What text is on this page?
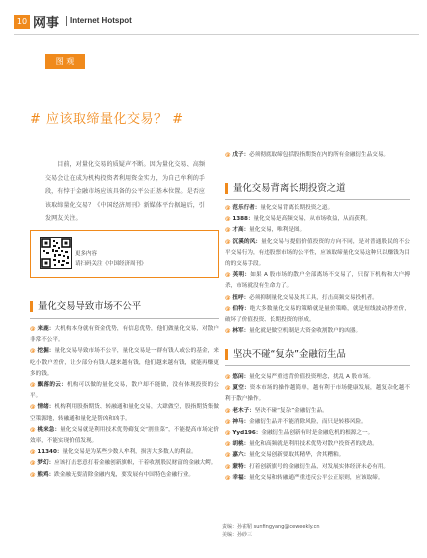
10 网事 Internet Hotspot
图 观
# 应该取缔量化交易？ #

目前，对量化交易的质疑声不断。因为量化交易、高频交易会让在成为机构投资者利用资金实力，为自己牟利的手段，有悖于金融市场应该具备的公平公正基本位置。是否应该取缔量化交易？《中国经济周刊》新媒体平台据遍后，引发网友关注。

更多内容
请扫码关注《中国经济周刊》
量化交易导致市场不公平
@ 来鹿：大机构本身就有资金优势，有信息优势，他们做量化交易，对散户非常不公平。
@ 挖掘：量化交易导致市场不公平，量化交易是一群有钱人或公的基金，来吃小散户差价，让少部分有钱人越来越有钱，他们越来越有钱，就能再赚更多的钱。
@ 飘落的云：机构可以做的量化交易，散户却不能做，没有体现投资的公平。
@ 情绪：机构利用股指期货、转融通和量化交易，大肆做空，股指期货集做空策源地，转融通和量化是帮凶和凶手。
@ 桃来急：量化交易就是利用技术优势薅复交“割韭菜”，不能提高市场定价效率，不能实现价值发现。
@ 11340：量化交易是为某些少数人牟利，损害大多数人的利益。
@ 梦幻：应该打击恶意打着金融创新旗帜，干着收割股民财富的金融大鳄。
@ 熊鸡：跌金融无要清除金融内鬼，要发展有中国特色金融行业。
@ 戊子：必须彻底取缔包括股指期货在内的所有金融衍生品交易。
量化交易背离长期投资之道
@ 范乐行者：量化交易背离长期投资之道。
@ 1388：量化交易是高频交易，从市场收益，从而获利。
@ 才高：量化交易，唯利是图。
@ 沉溪的风：量化交易与提倡价值投资的方向不同，是对普通股民的不公平交易行为，有违股票市场的公平性，应该取缔量化交易这种只以赚钱为目的的交易手段。
@ 英明：如果 A 股市场的散户全部离场不交易了，只留下机构和大户搏杀，市场就没有生命力了。
@ 扭呼：必须抑制量化交易及其工具，打击高频交易投机者。
@ 伯特：绝大多数量化交易的策略就是量价策略，就是短线波动挣差价，破坏了价值投资、长期投资的形成。
@ 林军：量化就是做空机制是大资金收割散户的凶器。
坚决不碰“复杂”金融衍生品
@ 悠闲：量化交易严重违背价值投资理念，扰乱 A 股市场。
@ 夏空：资本市场的操作越简单，越有利于市场健康发展，越复杂化越不利于散户操作。
@ 老木子：坚决不碰“复杂”金融衍生品。
@ 神马：金融衍生品并不能消除风险，而只是转移风险。
@ Yyd196：金融衍生品创新有时是金融危机的根源之一。
@ 胡桃：量化和高频就是利用技术优势对散户投资者的洗劫。
@ 嘉六：量化交易创新要取其精华，舍其糟粕。
@ 蒙特：打着创新旗号的金融衍生品，对发展实体经济未必有用。
@ 幸福：量化交易和转融通严重违反公平公正原则，应该取缔。
责编：孙雀鞀 sunfingyang@ceweekly.cn
美编：孙砂三
